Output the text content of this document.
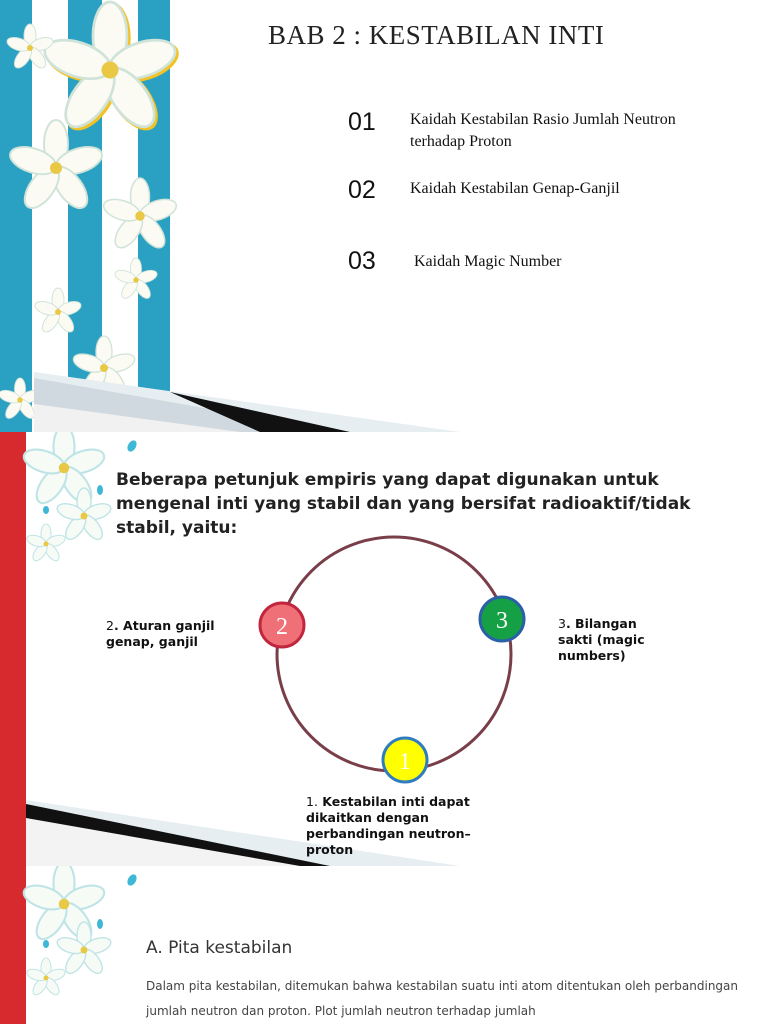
BAB 2 : KESTABILAN INTI
01 Kaidah Kestabilan Rasio Jumlah Neutron terhadap Proton
02 Kaidah Kestabilan Genap-Ganjil
03 Kaidah Magic Number
Beberapa petunjuk empiris yang dapat digunakan untuk mengenal inti yang stabil dan yang bersifat radioaktif/tidak stabil, yaitu:
2	3
1
2. Aturan ganjil genap, ganjil
3. Bilangan sakti (magic numbers)
1. Kestabilan inti dapat dikaitkan dengan perbandingan neutron–proton
A. Pita kestabilan
Dalam pita kestabilan, ditemukan bahwa kestabilan suatu inti atom ditentukan oleh perbandingan jumlah neutron dan proton. Plot jumlah neutron terhadap jumlah
